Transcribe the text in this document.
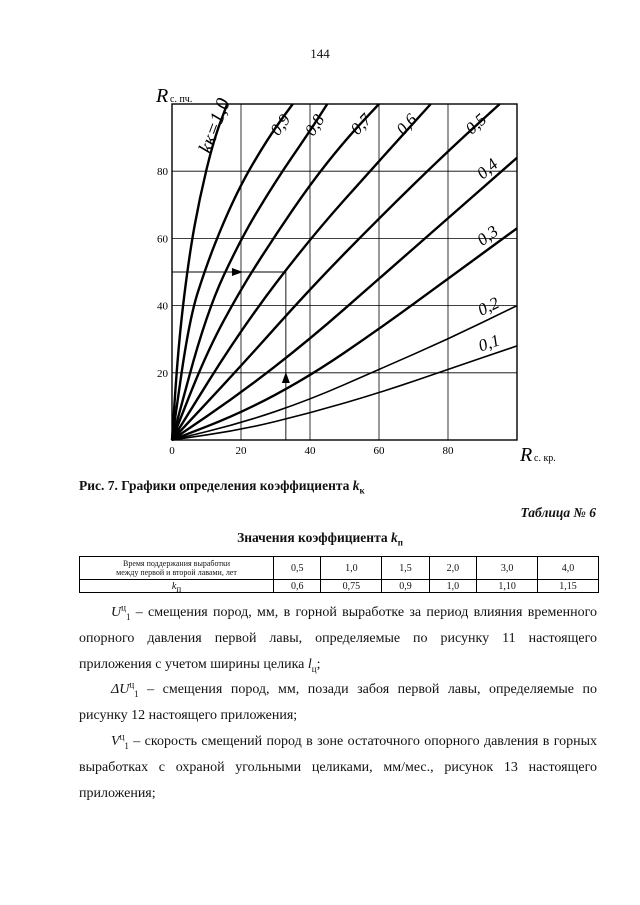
144
0	20	40	60	80
20
40
60
80
R с. пч.
R с. кр.
kк=1,0 0,9 0,8 0,7 0,6 0,5
0,4
0,3
0,2
0,1
Рис. 7. Графики определения коэффициента $k_к$
Таблица № 6
Значения коэффициента $k_п$
Время поддержания выработки
между первой и второй лавами, лет	0,5	1,0	1,5	2,0	3,0	4,0
$k_п$	0,6	0,75	0,9	1,0	1,10	1,15

$U^ц_1$ – смещения пород, мм, в горной выработке за период влияния временного опорного давления первой лавы, определяемые по рисунку 11 настоящего приложения с учетом ширины целика $l_ц$;

$\Delta U^ц_1$ – смещения пород, мм, позади забоя первой лавы, определяемые по рисунку 12 настоящего приложения;

$V^ц_1$ – скорость смещений пород в зоне остаточного опорного давления в горных выработках с охраной угольными целиками, мм/мес., рисунок 13 настоящего приложения;
